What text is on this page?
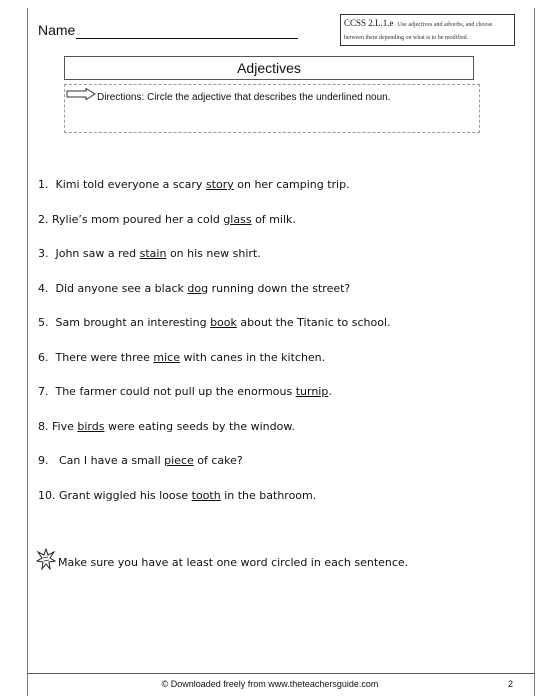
Name	CCSS 2.L.1.e Use adjectives and adverbs, and choose between them depending on what is to be modified.
Adjectives
Directions: Circle the adjective that describes the underlined noun.
1.  Kimi told everyone a scary story on her camping trip.
2. Rylie’s mom poured her a cold glass of milk.
3.  John saw a red stain on his new shirt.
4.  Did anyone see a black dog running down the street?
5.  Sam brought an interesting book about the Titanic to school.
6.  There were three mice with canes in the kitchen.
7.  The farmer could not pull up the enormous turnip.
8. Five birds were eating seeds by the window.
9.   Can I have a small piece of cake?
10. Grant wiggled his loose tooth in the bathroom.
Make sure you have at least one word circled in each sentence.
© Downloaded freely from www.theteachersguide.com	2
